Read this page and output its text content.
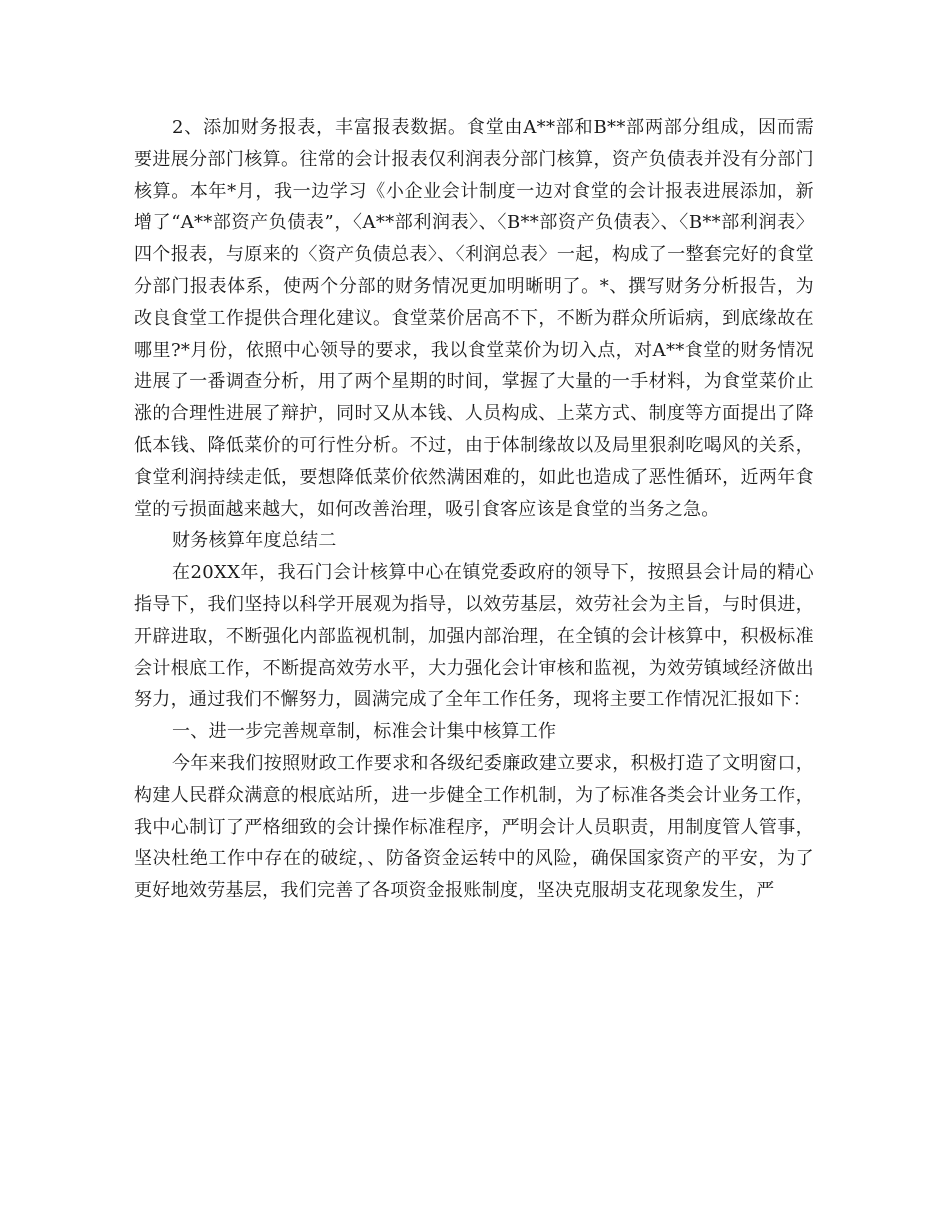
2、添加财务报表，丰富报表数据。食堂由A**部和B**部两部分组成，因而需要进展分部门核算。往常的会计报表仅利润表分部门核算，资产负债表并没有分部门核算。本年*月，我一边学习《小企业会计制度一边对食堂的会计报表进展添加，新增了“A**部资产负债表”，〈A**部利润表〉、〈B**部资产负债表〉、〈B**部利润表〉四个报表，与原来的〈资产负债总表〉、〈利润总表〉一起，构成了一整套完好的食堂分部门报表体系，使两个分部的财务情况更加明晰明了。*、撰写财务分析报告，为改良食堂工作提供合理化建议。食堂菜价居高不下，不断为群众所诟病，到底缘故在哪里?*月份，依照中心领导的要求，我以食堂菜价为切入点，对A**食堂的财务情况进展了一番调查分析，用了两个星期的时间，掌握了大量的一手材料，为食堂菜价止涨的合理性进展了辩护，同时又从本钱、人员构成、上菜方式、制度等方面提出了降低本钱、降低菜价的可行性分析。不过，由于体制缘故以及局里狠刹吃喝风的关系，食堂利润持续走低，要想降低菜价依然满困难的，如此也造成了恶性循环，近两年食堂的亏损面越来越大，如何改善治理，吸引食客应该是食堂的当务之急。

财务核算年度总结二

在20XX年，我石门会计核算中心在镇党委政府的领导下，按照县会计局的精心指导下，我们坚持以科学开展观为指导，以效劳基层，效劳社会为主旨，与时俱进，开辟进取，不断强化内部监视机制，加强内部治理，在全镇的会计核算中，积极标准会计根底工作，不断提高效劳水平，大力强化会计审核和监视，为效劳镇域经济做出努力，通过我们不懈努力，圆满完成了全年工作任务，现将主要工作情况汇报如下：

一、进一步完善规章制，标准会计集中核算工作

今年来我们按照财政工作要求和各级纪委廉政建立要求，积极打造了文明窗口，构建人民群众满意的根底站所，进一步健全工作机制，为了标准各类会计业务工作，我中心制订了严格细致的会计操作标准程序，严明会计人员职责，用制度管人管事，坚决杜绝工作中存在的破绽，、防备资金运转中的风险，确保国家资产的平安，为了更好地效劳基层，我们完善了各项资金报账制度，坚决克服胡支花现象发生，严
